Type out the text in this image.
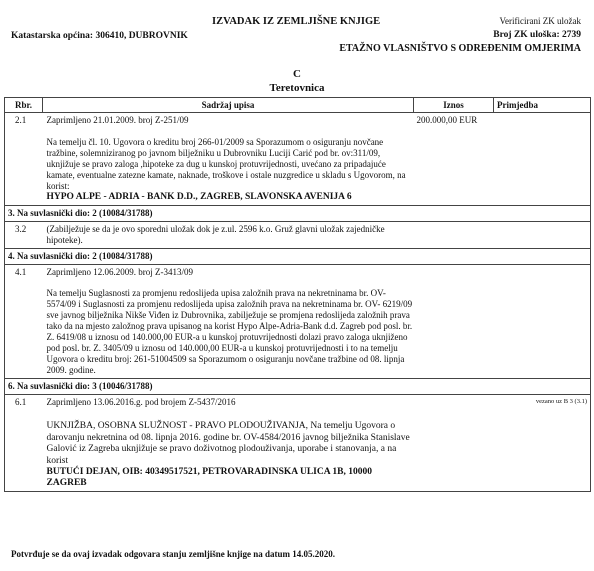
IZVADAK IZ ZEMLJIŠNE KNJIGE	Verificirani ZK uložak
Katastarska općina: 306410, DUBROVNIK	Broj ZK uloška: 2739
ETAŽNO VLASNIŠTVO S ODREĐENIM OMJERIMA
C
Teretovnica
Rbr.	Sadržaj upisa	Iznos	Primjedba
2.1	Zaprimljeno 21.01.2009. broj Z-251/09	200.000,00 EUR	

	Na temelju čl. 10. Ugovora o kreditu broj 266-01/2009 sa Sporazumom o osiguranju novčane tražbine, solemniziranog po javnom bilježniku u Dubrovniku Luciji Carić pod br. ov:311/09, uknjižuje se pravo zaloga ,hipoteke za dug u kunskoj protuvrijednosti, uvećano za pripadajuće kamate, eventualne zatezne kamate, naknade, troškove i ostale nuzgredice u skladu s Ugovorom, na korist:
HYPO ALPE - ADRIA - BANK D.D., ZAGREB, SLAVONSKA AVENIJA 6		

3. Na suvlasnički dio: 2 (10084/31788)			
3.2	(Zabilježuje se da je ovo sporedni uložak dok je z.ul. 2596 k.o. Gruž glavni uložak zajedničke hipoteke).		

4. Na suvlasnički dio: 2 (10084/31788)			
4.1	Zaprimljeno 12.06.2009. broj Z-3413/09		

	Na temelju Suglasnosti za promjenu redoslijeda upisa založnih prava na nekretninama br. OV- 5574/09 i Suglasnosti za promjenu redoslijeda upisa založnih prava na nekretninama br. OV- 6219/09 sve javnog bilježnika Nikše Viđen iz Dubrovnika, zabilježuje se promjena redoslijeda založnih prava tako da na mjesto založnog prava upisanog na korist Hypo Alpe-Adria-Bank d.d. Zagreb pod posl. br. Z. 6419/08 u iznosu od 140.000,00 EUR-a u kunskoj protuvrijednosti dolazi pravo zaloga uknjiženo pod posl. br. Z. 3405/09 u iznosu od 140.000,00 EUR-a u kunskoj protuvrijednosti i to na temelju Ugovora o kreditu broj: 261-51004509 sa Sporazumom o osiguranju novčane tražbine od 08. lipnja 2009. godine.		

6. Na suvlasnički dio: 3 (10046/31788)			
6.1	Zaprimljeno 13.06.2016.g. pod brojem Z-5437/2016		vezano uz B 3 (3.1)

	UKNJIŽBA, OSOBNA SLUŽNOST - PRAVO PLODOUŽIVANJA, Na temelju Ugovora o darovanju nekretnina od 08. lipnja 2016. godine br. OV-4584/2016 javnog bilježnika Stanislave Galović iz Zagreba uknjižuje se pravo doživotnog plodouživanja, uporabe i stanovanja, a na korist
BUTUĆI DEJAN, OIB: 40349517521, PETROVARADINSKA ULICA 1B, 10000 ZAGREB		

Potvrđuje se da ovaj izvadak odgovara stanju zemljišne knjige na datum 14.05.2020.
